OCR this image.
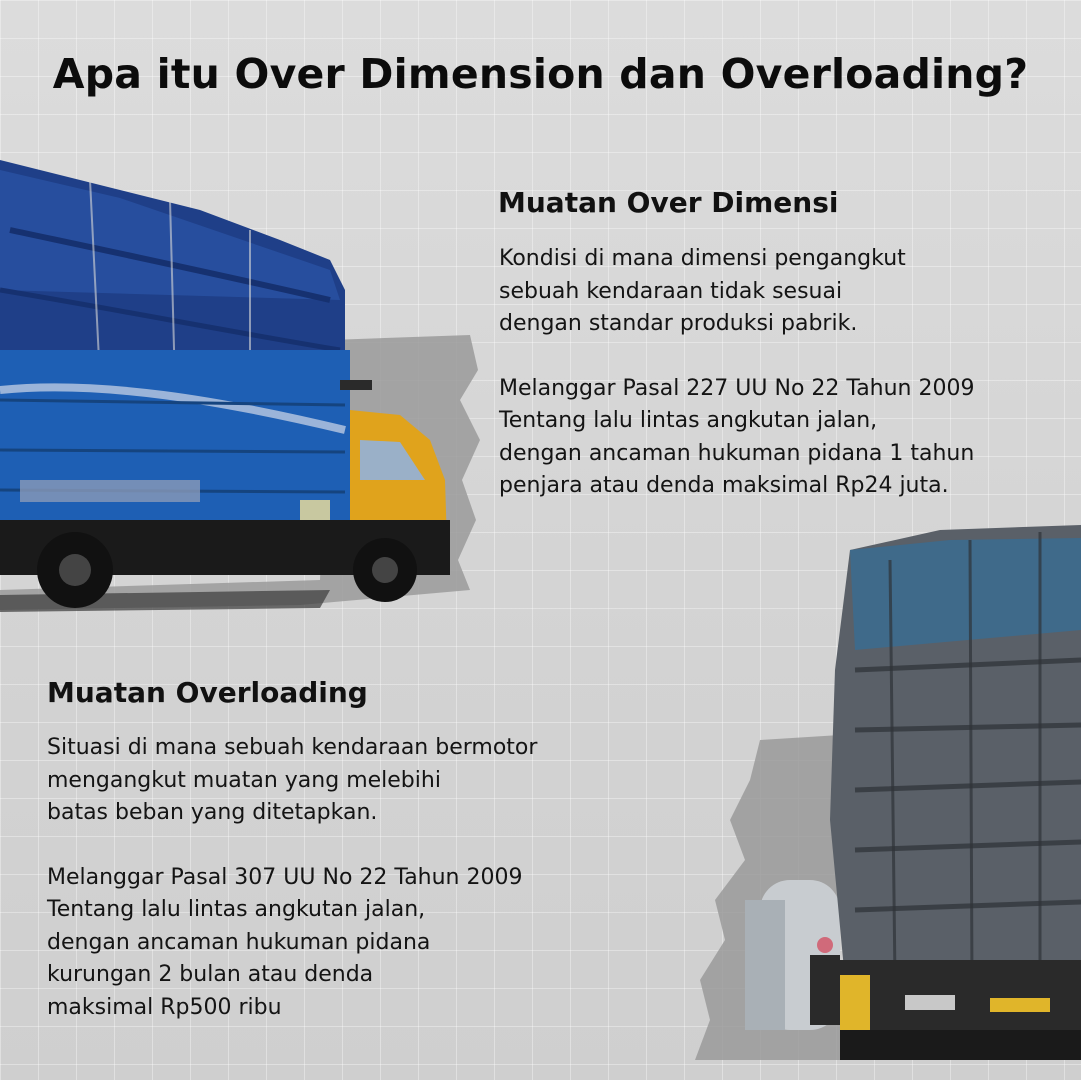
Apa itu Over Dimension dan Overloading?
Muatan Over Dimensi

Kondisi di mana dimensi pengangkut

sebuah kendaraan tidak sesuai

dengan standar produksi pabrik.

Melanggar Pasal 227 UU No 22 Tahun 2009

Tentang lalu lintas angkutan jalan,

dengan ancaman hukuman pidana 1 tahun

penjara atau denda maksimal Rp24 juta.

Muatan Overloading

Situasi di mana sebuah kendaraan bermotor

mengangkut muatan yang melebihi

batas beban yang ditetapkan.

Melanggar Pasal 307 UU No 22 Tahun 2009

Tentang lalu lintas angkutan jalan,

dengan ancaman hukuman pidana

kurungan 2 bulan atau denda

maksimal Rp500 ribu
